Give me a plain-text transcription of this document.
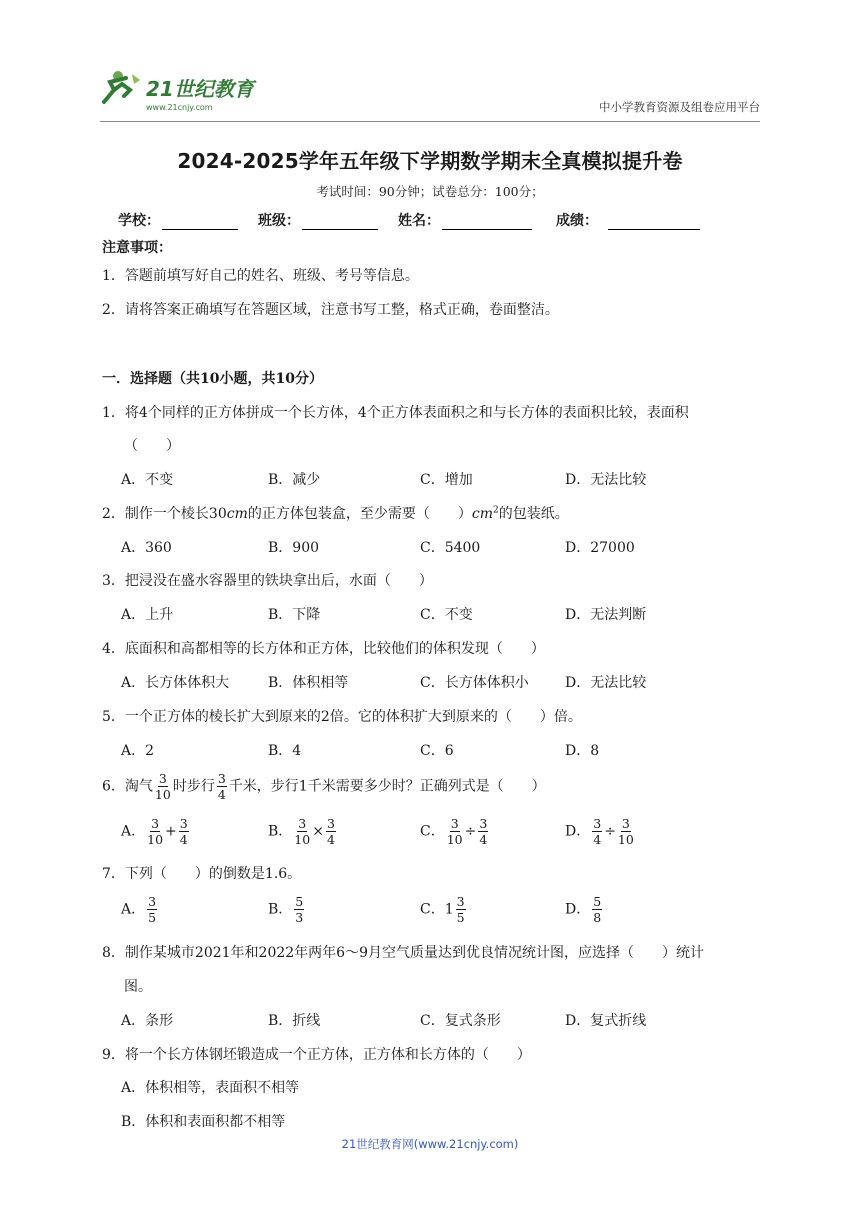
21世纪教育
www.21cnjy.com	中小学教育资源及组卷应用平台
2024-2025学年五年级下学期数学期末全真模拟提升卷
考试时间：90分钟；试卷总分：100分；
学校：	班级：	姓名：	成绩：
注意事项：
1．答题前填写好自己的姓名、班级、考号等信息。
2．请将答案正确填写在答题区域，注意书写工整，格式正确，卷面整洁。
一．选择题（共10小题，共10分）
1．将4个同样的正方体拼成一个长方体，4个正方体表面积之和与长方体的表面积比较，表面积
（　　）
A．不变	B．减少	C．增加	D．无法比较
2．制作一个棱长30cm的正方体包装盒，至少需要（　　）$cm^2$的包装纸。
A．360	B．900	C．5400	D．27000
3．把浸没在盛水容器里的铁块拿出后，水面（　　）
A．上升	B．下降	C．不变	D．无法判断
4．底面积和高都相等的长方体和正方体，比较他们的体积发现（　　）
A．长方体体积大	B．体积相等	C．长方体体积小	D．无法比较
5．一个正方体的棱长扩大到原来的2倍。它的体积扩大到原来的（　　）倍。
A．2	B．4	C．6	D．8
6．淘气 $\frac{3}{10}$ 时步行 $\frac{3}{4}$ 千米，步行1千米需要多少时？正确列式是（　　）
A． $\frac{3}{10} + \frac{3}{4}$	B． $\frac{3}{10} \times \frac{3}{4}$	C． $\frac{3}{10} \div \frac{3}{4}$	D． $\frac{3}{4} \div \frac{3}{10}$
7．下列（　　）的倒数是1.6。
A． $\frac{3}{5}$	B． $\frac{5}{3}$	C．$1 \frac{3}{5}$	D． $\frac{5}{8}$
8．制作某城市2021年和2022年两年6～9月空气质量达到优良情况统计图，应选择（　　）统计
图。
A．条形	B．折线	C．复式条形	D．复式折线
9．将一个长方体钢坯锻造成一个正方体，正方体和长方体的（　　）
A．体积相等，表面积不相等
B．体积和表面积都不相等
21世纪教育网(www.21cnjy.com)
